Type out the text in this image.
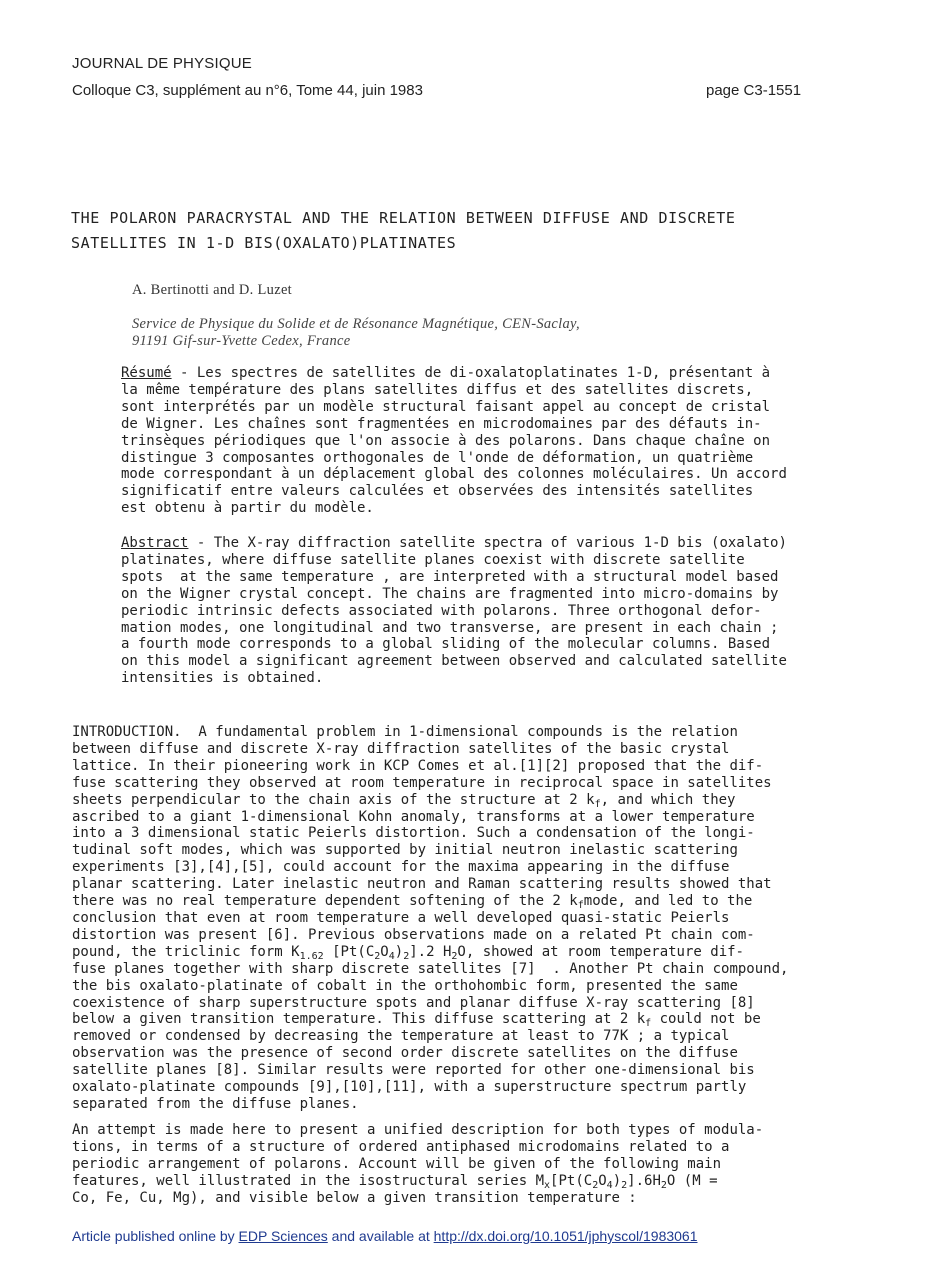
JOURNAL DE PHYSIQUE
Colloque C3, supplément au n°6, Tome 44, juin 1983	page C3-1551
THE POLARON PARACRYSTAL AND THE RELATION BETWEEN DIFFUSE AND DISCRETE
SATELLITES IN 1-D BIS(OXALATO)PLATINATES
A. Bertinotti and D. Luzet
Service de Physique du Solide et de Résonance Magnétique, CEN-Saclay,
91191 Gif-sur-Yvette Cedex, France
Résumé - Les spectres de satellites de di-oxalatoplatinates 1-D, présentant à
la même température des plans satellites diffus et des satellites discrets,
sont interprétés par un modèle structural faisant appel au concept de cristal
de Wigner. Les chaînes sont fragmentées en microdomaines par des défauts in-
trinsèques périodiques que l'on associe à des polarons. Dans chaque chaîne on
distingue 3 composantes orthogonales de l'onde de déformation, un quatrième
mode correspondant à un déplacement global des colonnes moléculaires. Un accord
significatif entre valeurs calculées et observées des intensités satellites
est obtenu à partir du modèle.
Abstract - The X-ray diffraction satellite spectra of various 1-D bis (oxalato)
platinates, where diffuse satellite planes coexist with discrete satellite
spots  at the same temperature , are interpreted with a structural model based
on the Wigner crystal concept. The chains are fragmented into micro-domains by
periodic intrinsic defects associated with polarons. Three orthogonal defor-
mation modes, one longitudinal and two transverse, are present in each chain ;
a fourth mode corresponds to a global sliding of the molecular columns. Based
on this model a significant agreement between observed and calculated satellite
intensities is obtained.
INTRODUCTION.  A fundamental problem in 1-dimensional compounds is the relation
between diffuse and discrete X-ray diffraction satellites of the basic crystal
lattice. In their pioneering work in KCP Comes et al.[1][2] proposed that the dif-
fuse scattering they observed at room temperature in reciprocal space in satellites
sheets perpendicular to the chain axis of the structure at 2 $k_f$, and which they
ascribed to a giant 1-dimensional Kohn anomaly, transforms at a lower temperature
into a 3 dimensional static Peierls distortion. Such a condensation of the longi-
tudinal soft modes, which was supported by initial neutron inelastic scattering
experiments [3],[4],[5], could account for the maxima appearing in the diffuse
planar scattering. Later inelastic neutron and Raman scattering results showed that
there was no real temperature dependent softening of the 2 $k_fmode$, and led to the
conclusion that even at room temperature a well developed quasi-static Peierls
distortion was present [6]. Previous observations made on a related Pt chain com-
pound, the triclinic form $K_{1.62}$ $[Pt(C_2O_4)_2].2$ $H_2O$, showed at room temperature dif-
fuse planes together with sharp discrete satellites [7]  . Another Pt chain compound,
the bis oxalato-platinate of cobalt in the orthohombic form, presented the same
coexistence of sharp superstructure spots and planar diffuse X-ray scattering [8]
below a given transition temperature. This diffuse scattering at 2 $k_f$ could not be
removed or condensed by decreasing the temperature at least to 77K ; a typical
observation was the presence of second order discrete satellites on the diffuse
satellite planes [8]. Similar results were reported for other one-dimensional bis
oxalato-platinate compounds [9],[10],[11], with a superstructure spectrum partly
separated from the diffuse planes.
An attempt is made here to present a unified description for both types of modula-
tions, in terms of a structure of ordered antiphased microdomains related to a
periodic arrangement of polarons. Account will be given of the following main
features, well illustrated in the isostructural series $M_x[Pt(C_2O_4)_2].6H_2O$ (M =
Co, Fe, Cu, Mg), and visible below a given transition temperature :
Article published online by EDP Sciences and available at http://dx.doi.org/10.1051/jphyscol/1983061
